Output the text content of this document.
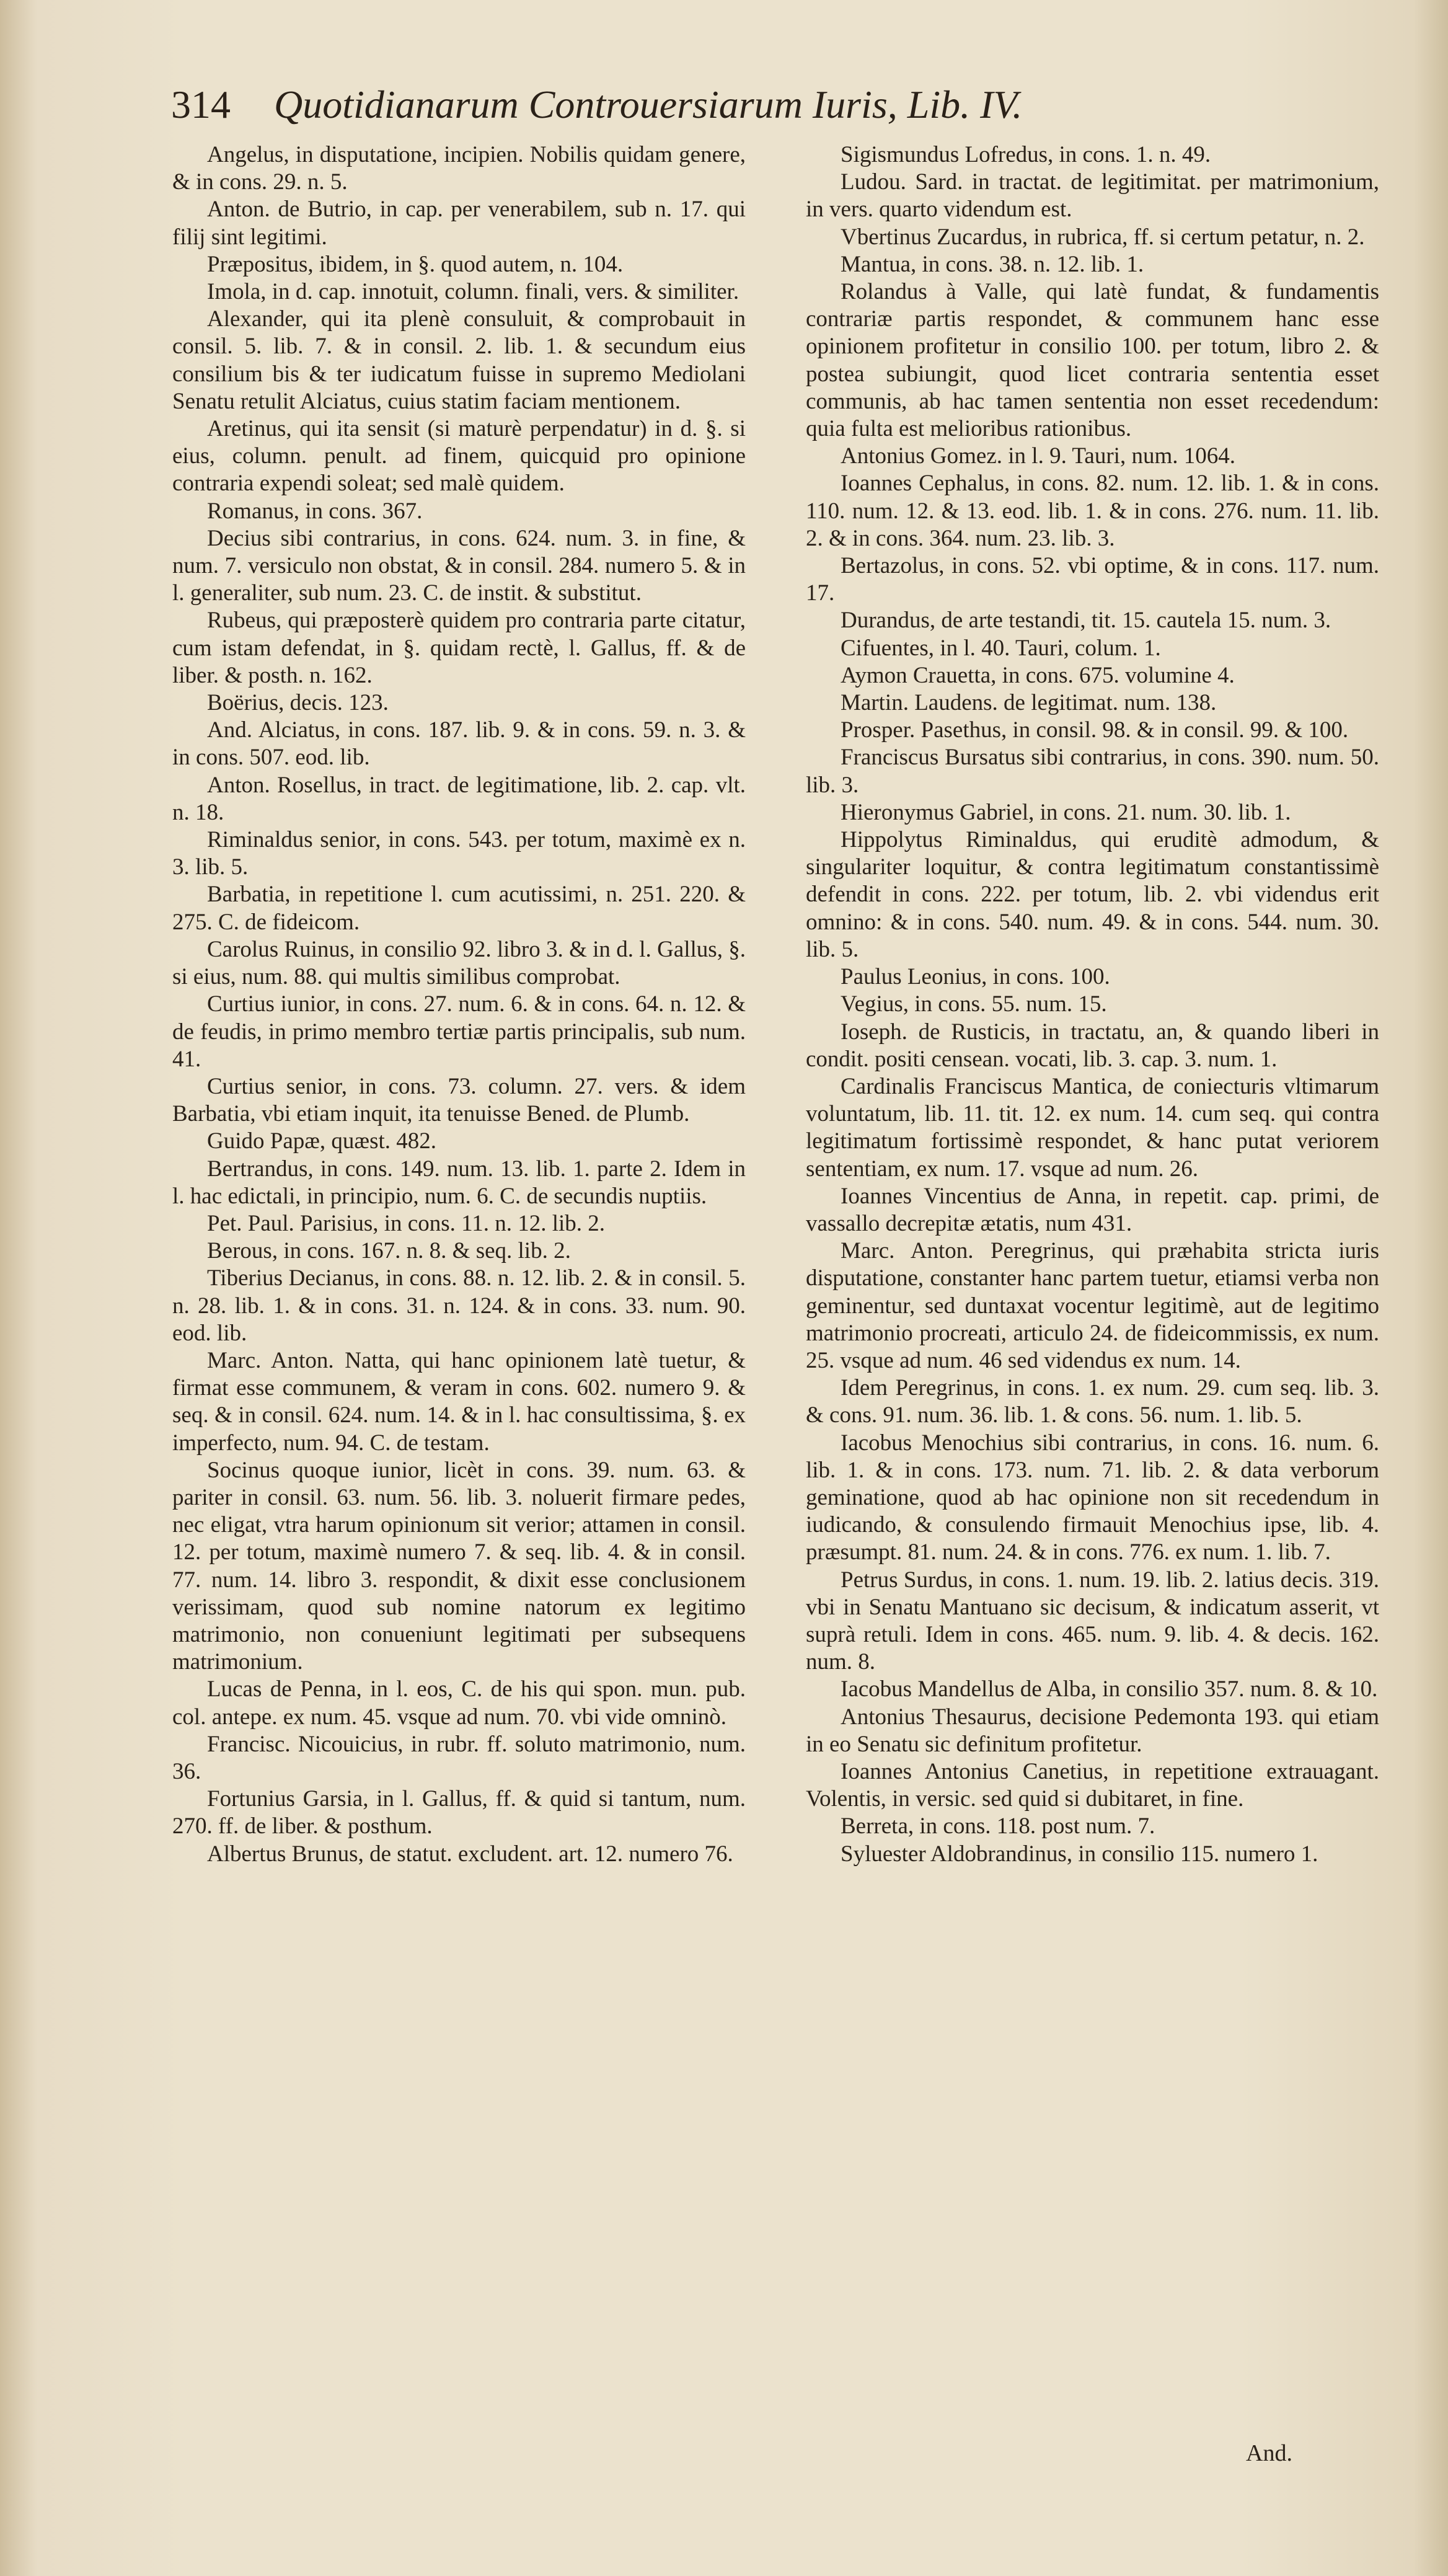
314 Quotidianarum Controuersiarum Iuris, Lib. IV.

Angelus, in disputatione, incipien. Nobilis quidam genere, & in cons. 29. n. 5.

Anton. de Butrio, in cap. per venerabilem, sub n. 17. qui filij sint legitimi.

Præpositus, ibidem, in §. quod autem, n. 104.

Imola, in d. cap. innotuit, column. finali, vers. & similiter.

Alexander, qui ita plenè consuluit, & comprobauit in consil. 5. lib. 7. & in consil. 2. lib. 1. & secundum eius consilium bis & ter iudicatum fuisse in supremo Mediolani Senatu retulit Alciatus, cuius statim faciam mentionem.

Aretinus, qui ita sensit (si maturè perpendatur) in d. §. si eius, column. penult. ad finem, quicquid pro opinione contraria expendi soleat; sed malè quidem.

Romanus, in cons. 367.

Decius sibi contrarius, in cons. 624. num. 3. in fine, & num. 7. versiculo non obstat, & in consil. 284. numero 5. & in l. generaliter, sub num. 23. C. de instit. & substitut.

Rubeus, qui præposterè quidem pro contraria parte citatur, cum istam defendat, in §. quidam rectè, l. Gallus, ff. & de liber. & posth. n. 162.

Boërius, decis. 123.

And. Alciatus, in cons. 187. lib. 9. & in cons. 59. n. 3. & in cons. 507. eod. lib.

Anton. Rosellus, in tract. de legitimatione, lib. 2. cap. vlt. n. 18.

Riminaldus senior, in cons. 543. per totum, maximè ex n. 3. lib. 5.

Barbatia, in repetitione l. cum acutissimi, n. 251. 220. & 275. C. de fideicom.

Carolus Ruinus, in consilio 92. libro 3. & in d. l. Gallus, §. si eius, num. 88. qui multis similibus comprobat.

Curtius iunior, in cons. 27. num. 6. & in cons. 64. n. 12. & de feudis, in primo membro tertiæ partis principalis, sub num. 41.

Curtius senior, in cons. 73. column. 27. vers. & idem Barbatia, vbi etiam inquit, ita tenuisse Bened. de Plumb.

Guido Papæ, quæst. 482.

Bertrandus, in cons. 149. num. 13. lib. 1. parte 2. Idem in l. hac edictali, in principio, num. 6. C. de secundis nuptiis.

Pet. Paul. Parisius, in cons. 11. n. 12. lib. 2.

Berous, in cons. 167. n. 8. & seq. lib. 2.

Tiberius Decianus, in cons. 88. n. 12. lib. 2. & in consil. 5. n. 28. lib. 1. & in cons. 31. n. 124. & in cons. 33. num. 90. eod. lib.

Marc. Anton. Natta, qui hanc opinionem latè tuetur, & firmat esse communem, & veram in cons. 602. numero 9. & seq. & in consil. 624. num. 14. & in l. hac consultissima, §. ex imperfecto, num. 94. C. de testam.

Socinus quoque iunior, licèt in cons. 39. num. 63. & pariter in consil. 63. num. 56. lib. 3. noluerit firmare pedes, nec eligat, vtra harum opinionum sit verior; attamen in consil. 12. per totum, maximè numero 7. & seq. lib. 4. & in consil. 77. num. 14. libro 3. respondit, & dixit esse conclusionem verissimam, quod sub nomine natorum ex legitimo matrimonio, non conueniunt legitimati per subsequens matrimonium.

Lucas de Penna, in l. eos, C. de his qui spon. mun. pub. col. antepe. ex num. 45. vsque ad num. 70. vbi vide omninò.

Francisc. Nicouicius, in rubr. ff. soluto matrimonio, num. 36.

Fortunius Garsia, in l. Gallus, ff. & quid si tantum, num. 270. ff. de liber. & posthum.

Albertus Brunus, de statut. excludent. art. 12. numero 76.

Sigismundus Lofredus, in cons. 1. n. 49.

Ludou. Sard. in tractat. de legitimitat. per matrimonium, in vers. quarto videndum est.

Vbertinus Zucardus, in rubrica, ff. si certum petatur, n. 2.

Mantua, in cons. 38. n. 12. lib. 1.

Rolandus à Valle, qui latè fundat, & fundamentis contrariæ partis respondet, & communem hanc esse opinionem profitetur in consilio 100. per totum, libro 2. & postea subiungit, quod licet contraria sententia esset communis, ab hac tamen sententia non esset recedendum: quia fulta est melioribus rationibus.

Antonius Gomez. in l. 9. Tauri, num. 1064.

Ioannes Cephalus, in cons. 82. num. 12. lib. 1. & in cons. 110. num. 12. & 13. eod. lib. 1. & in cons. 276. num. 11. lib. 2. & in cons. 364. num. 23. lib. 3.

Bertazolus, in cons. 52. vbi optime, & in cons. 117. num. 17.

Durandus, de arte testandi, tit. 15. cautela 15. num. 3.

Cifuentes, in l. 40. Tauri, colum. 1.

Aymon Crauetta, in cons. 675. volumine 4.

Martin. Laudens. de legitimat. num. 138.

Prosper. Pasethus, in consil. 98. & in consil. 99. & 100.

Franciscus Bursatus sibi contrarius, in cons. 390. num. 50. lib. 3.

Hieronymus Gabriel, in cons. 21. num. 30. lib. 1.

Hippolytus Riminaldus, qui eruditè admodum, & singulariter loquitur, & contra legitimatum constantissimè defendit in cons. 222. per totum, lib. 2. vbi videndus erit omnino: & in cons. 540. num. 49. & in cons. 544. num. 30. lib. 5.

Paulus Leonius, in cons. 100.

Vegius, in cons. 55. num. 15.

Ioseph. de Rusticis, in tractatu, an, & quando liberi in condit. positi censean. vocati, lib. 3. cap. 3. num. 1.

Cardinalis Franciscus Mantica, de coniecturis vltimarum voluntatum, lib. 11. tit. 12. ex num. 14. cum seq. qui contra legitimatum fortissimè respondet, & hanc putat veriorem sententiam, ex num. 17. vsque ad num. 26.

Ioannes Vincentius de Anna, in repetit. cap. primi, de vassallo decrepitæ ætatis, num 431.

Marc. Anton. Peregrinus, qui præhabita stricta iuris disputatione, constanter hanc partem tuetur, etiamsi verba non geminentur, sed duntaxat vocentur legitimè, aut de legitimo matrimonio procreati, articulo 24. de fideicommissis, ex num. 25. vsque ad num. 46 sed videndus ex num. 14.

Idem Peregrinus, in cons. 1. ex num. 29. cum seq. lib. 3. & cons. 91. num. 36. lib. 1. & cons. 56. num. 1. lib. 5.

Iacobus Menochius sibi contrarius, in cons. 16. num. 6. lib. 1. & in cons. 173. num. 71. lib. 2. & data verborum geminatione, quod ab hac opinione non sit recedendum in iudicando, & consulendo firmauit Menochius ipse, lib. 4. præsumpt. 81. num. 24. & in cons. 776. ex num. 1. lib. 7.

Petrus Surdus, in cons. 1. num. 19. lib. 2. latius decis. 319. vbi in Senatu Mantuano sic decisum, & indicatum asserit, vt suprà retuli. Idem in cons. 465. num. 9. lib. 4. & decis. 162. num. 8.

Iacobus Mandellus de Alba, in consilio 357. num. 8. & 10.

Antonius Thesaurus, decisione Pedemonta 193. qui etiam in eo Senatu sic definitum profitetur.

Ioannes Antonius Canetius, in repetitione extrauagant. Volentis, in versic. sed quid si dubitaret, in fine.

Berreta, in cons. 118. post num. 7.

Syluester Aldobrandinus, in consilio 115. numero 1.

And.
